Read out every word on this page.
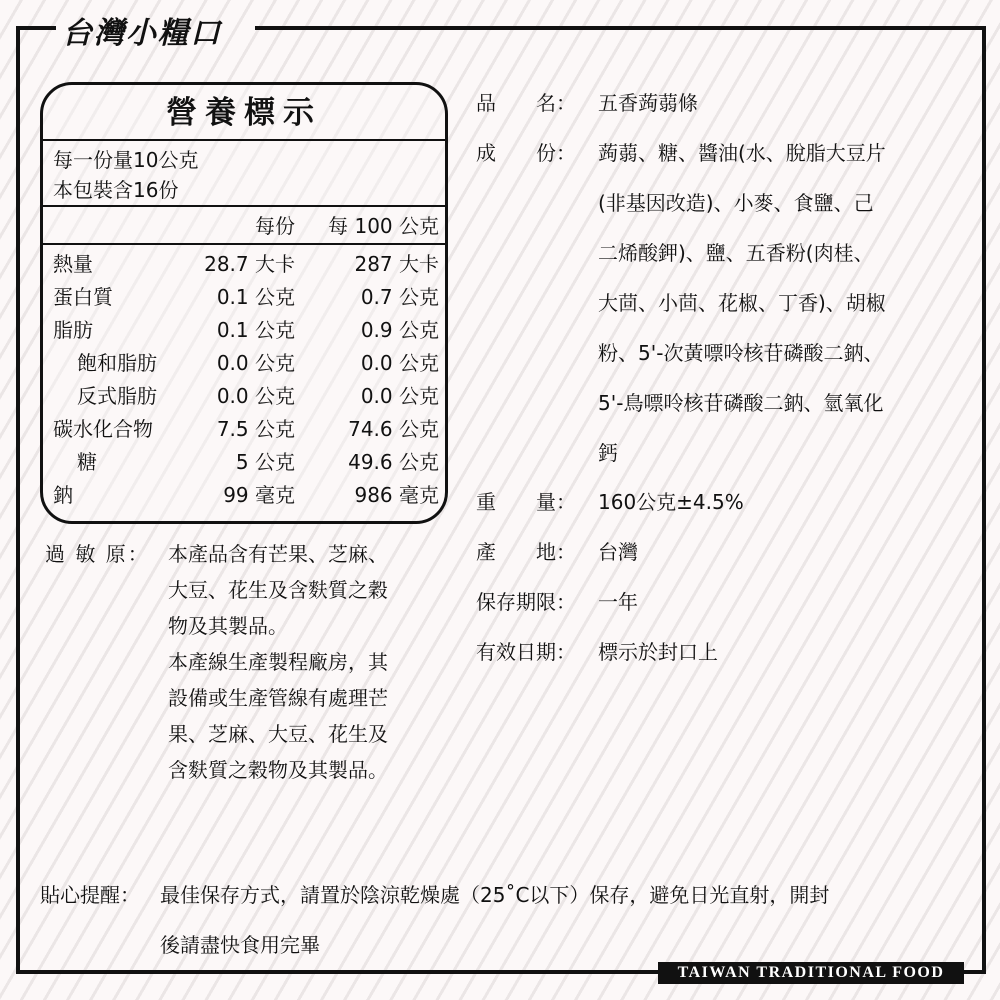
台灣小糧口
TAIWAN TRADITIONAL FOOD
營養標示
每一份量10公克
本包裝含16份
每份 每 100 公克
熱量	28.7 大卡	287 大卡
蛋白質	0.1 公克	0.7 公克
脂肪	0.1 公克	0.9 公克
飽和脂肪	0.0 公克	0.0 公克
反式脂肪	0.0 公克	0.0 公克
碳水化合物	7.5 公克	74.6 公克
糖	5 公克	49.6 公克
鈉	99 毫克	986 毫克
品　　名： 五香蒟蒻條
成　　份： 蒟蒻、糖、醬油(水、脫脂大豆片
(非基因改造)、小麥、食鹽、己
二烯酸鉀)、鹽、五香粉(肉桂、
大茴、小茴、花椒、丁香)、胡椒
粉、5'-次黃嘌呤核苷磷酸二鈉、
5'-鳥嘌呤核苷磷酸二鈉、氫氧化
鈣
重　　量： 160公克±4.5%
產　　地： 台灣
保存期限： 一年
有效日期： 標示於封口上
過 敏 原： 本產品含有芒果、芝麻、
大豆、花生及含麩質之穀
物及其製品。
本產線生產製程廠房，其
設備或生產管線有處理芒
果、芝麻、大豆、花生及
含麩質之穀物及其製品。
貼心提醒： 最佳保存方式，請置於陰涼乾燥處（25˚C以下）保存，避免日光直射，開封
後請盡快食用完畢
